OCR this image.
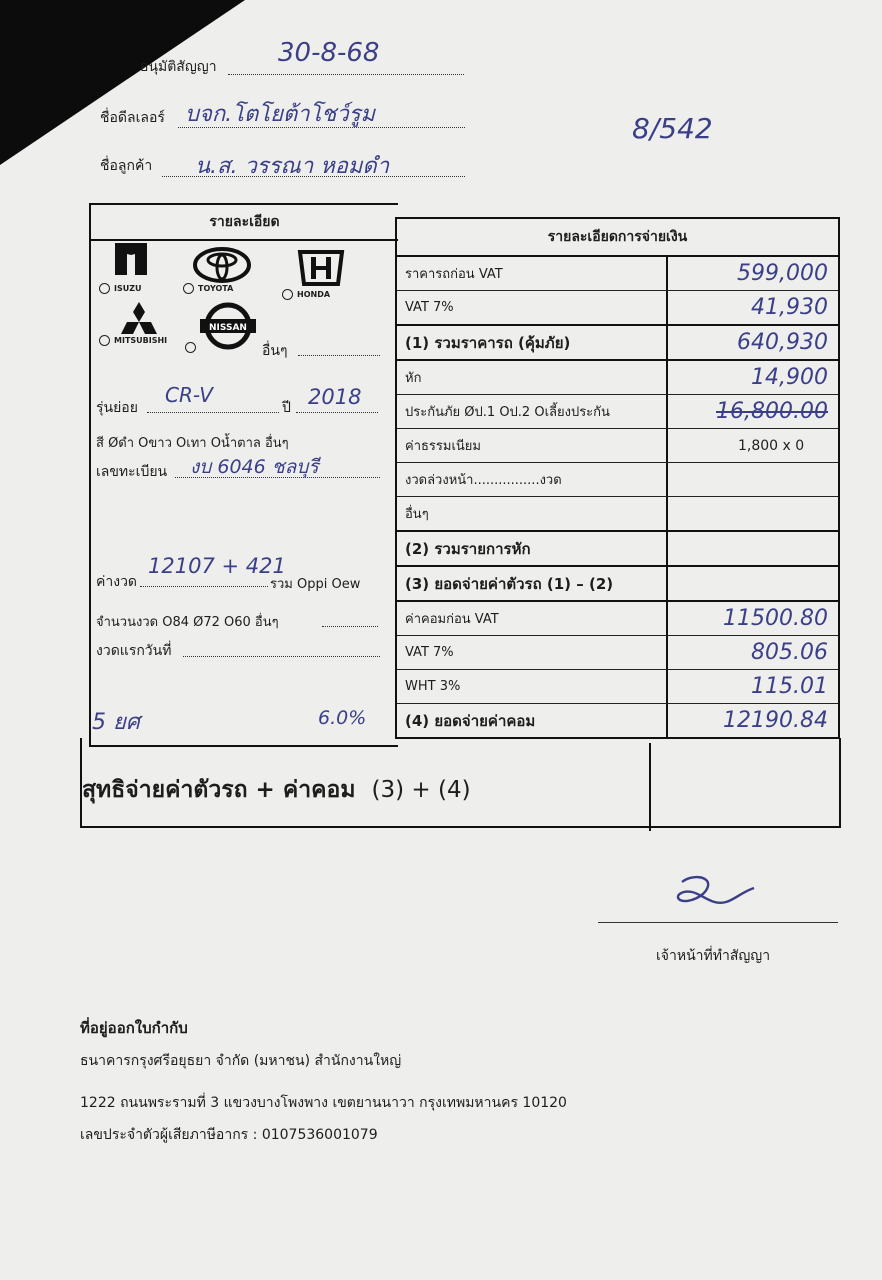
อนุมัติสัญญา 30-8-68
ชื่อดีลเลอร์ บจก.โตโยต้าโชว์รูม	8/542
ชื่อลูกค้า น.ส. วรรณา หอมดำ
รายละเอียด
ISUZU	TOYOTA
HONDA
MITSUBISHI
NISSAN
อื่นๆ
รุ่นย่อย
CR-V
ปี 2018
สี Øดำ Oขาว Oเทา Oน้ำตาล อื่นๆ
เลขทะเบียน งบ 6046 ชลบุรี
ค่างวด
12107 + 421
รวม Oppi Oew
จำนวนงวด O84 Ø72 O60 อื่นๆ
งวดแรกวันที่
5 ยศ	6.0%
รายละเอียดการจ่ายเงิน
ราคารถก่อน VAT	599,000
VAT 7%	41,930
(1) รวมราคารถ (คุ้มภัย)	640,930
หัก	14,900
ประกันภัย Øป.1 Oป.2 Oเลี้ยงประกัน	16,800.00
ค่าธรรมเนียม	1,800 x 0
งวดล่วงหน้า................งวด
อื่นๆ
(2) รวมรายการหัก
(3) ยอดจ่ายค่าตัวรถ (1) – (2)
ค่าคอมก่อน VAT	11500.80
VAT 7%	805.06
WHT 3%	115.01
(4) ยอดจ่ายค่าคอม	12190.84
สุทธิจ่ายค่าตัวรถ + ค่าคอม (3) + (4)
เจ้าหน้าที่ทำสัญญา
ที่อยู่ออกใบกำกับ
ธนาคารกรุงศรีอยุธยา จำกัด (มหาชน) สำนักงานใหญ่
1222 ถนนพระรามที่ 3 แขวงบางโพงพาง เขตยานนาวา กรุงเทพมหานคร 10120
เลขประจำตัวผู้เสียภาษีอากร : 0107536001079
